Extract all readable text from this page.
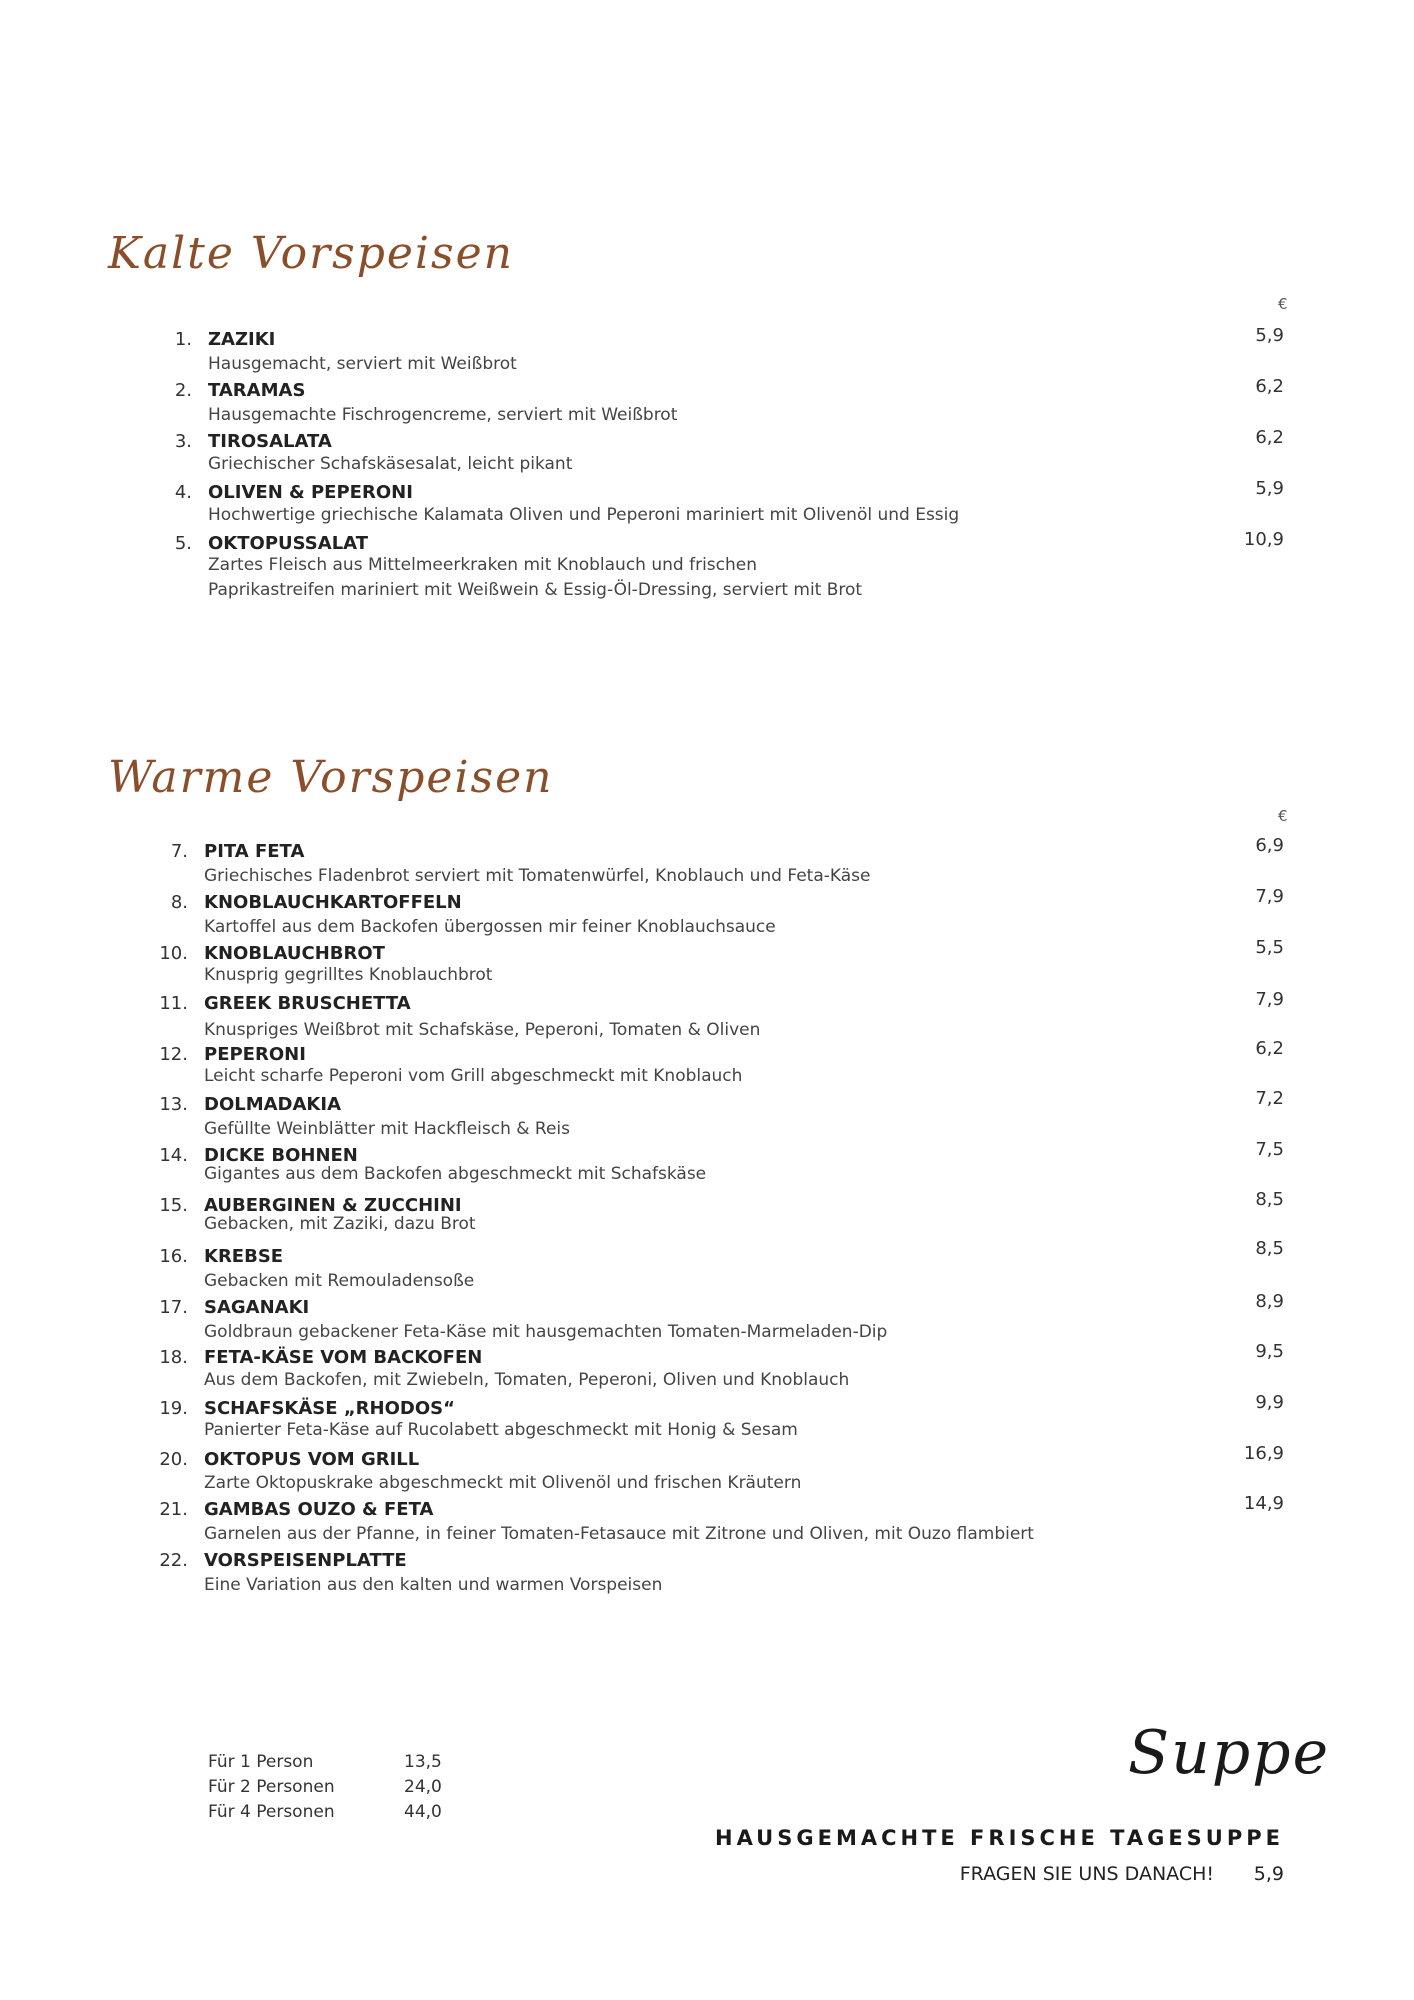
Kalte Vorspeisen
€
1. ZAZIKI
Hausgemacht, serviert mit Weißbrot
5,9
2. TARAMAS
Hausgemachte Fischrogencreme, serviert mit Weißbrot
6,2
3. TIROSALATA
Griechischer Schafskäsesalat, leicht pikant
6,2
4. OLIVEN & PEPERONI
Hochwertige griechische Kalamata Oliven und Peperoni mariniert mit Olivenöl und Essig
5,9
5. OKTOPUSSALAT
Zartes Fleisch aus Mittelmeerkraken mit Knoblauch und frischen
Paprikastreifen mariniert mit Weißwein & Essig-Öl-Dressing, serviert mit Brot
10,9
Warme Vorspeisen
€
7. PITA FETA
Griechisches Fladenbrot serviert mit Tomatenwürfel, Knoblauch und Feta-Käse
6,9
8. KNOBLAUCHKARTOFFELN
Kartoffel aus dem Backofen übergossen mir feiner Knoblauchsauce
7,9
10. KNOBLAUCHBROT
Knusprig gegrilltes Knoblauchbrot
5,5
11. GREEK BRUSCHETTA
Knuspriges Weißbrot mit Schafskäse, Peperoni, Tomaten & Oliven
7,9
12. PEPERONI
Leicht scharfe Peperoni vom Grill abgeschmeckt mit Knoblauch
6,2
13. DOLMADAKIA
Gefüllte Weinblätter mit Hackfleisch & Reis
7,2
14. DICKE BOHNEN
Gigantes aus dem Backofen abgeschmeckt mit Schafskäse
7,5
15. AUBERGINEN & ZUCCHINI
Gebacken, mit Zaziki, dazu Brot
8,5
16. KREBSE
Gebacken mit Remouladensoße
8,5
17. SAGANAKI
Goldbraun gebackener Feta-Käse mit hausgemachten Tomaten-Marmeladen-Dip
8,9
18. FETA-KÄSE VOM BACKOFEN
Aus dem Backofen, mit Zwiebeln, Tomaten, Peperoni, Oliven und Knoblauch
9,5
19. SCHAFSKÄSE „RHODOS“
Panierter Feta-Käse auf Rucolabett abgeschmeckt mit Honig & Sesam
9,9
20. OKTOPUS VOM GRILL
Zarte Oktopuskrake abgeschmeckt mit Olivenöl und frischen Kräutern
16,9
21. GAMBAS OUZO & FETA
Garnelen aus der Pfanne, in feiner Tomaten-Fetasauce mit Zitrone und Oliven, mit Ouzo flambiert
14,9
22. VORSPEISENPLATTE
Eine Variation aus den kalten und warmen Vorspeisen
Für 1 Person	13,5
Für 2 Personen	24,0
Für 4 Personen	44,0
Suppe
HAUSGEMACHTE FRISCHE TAGESUPPE
FRAGEN SIE UNS DANACH! 5,9
